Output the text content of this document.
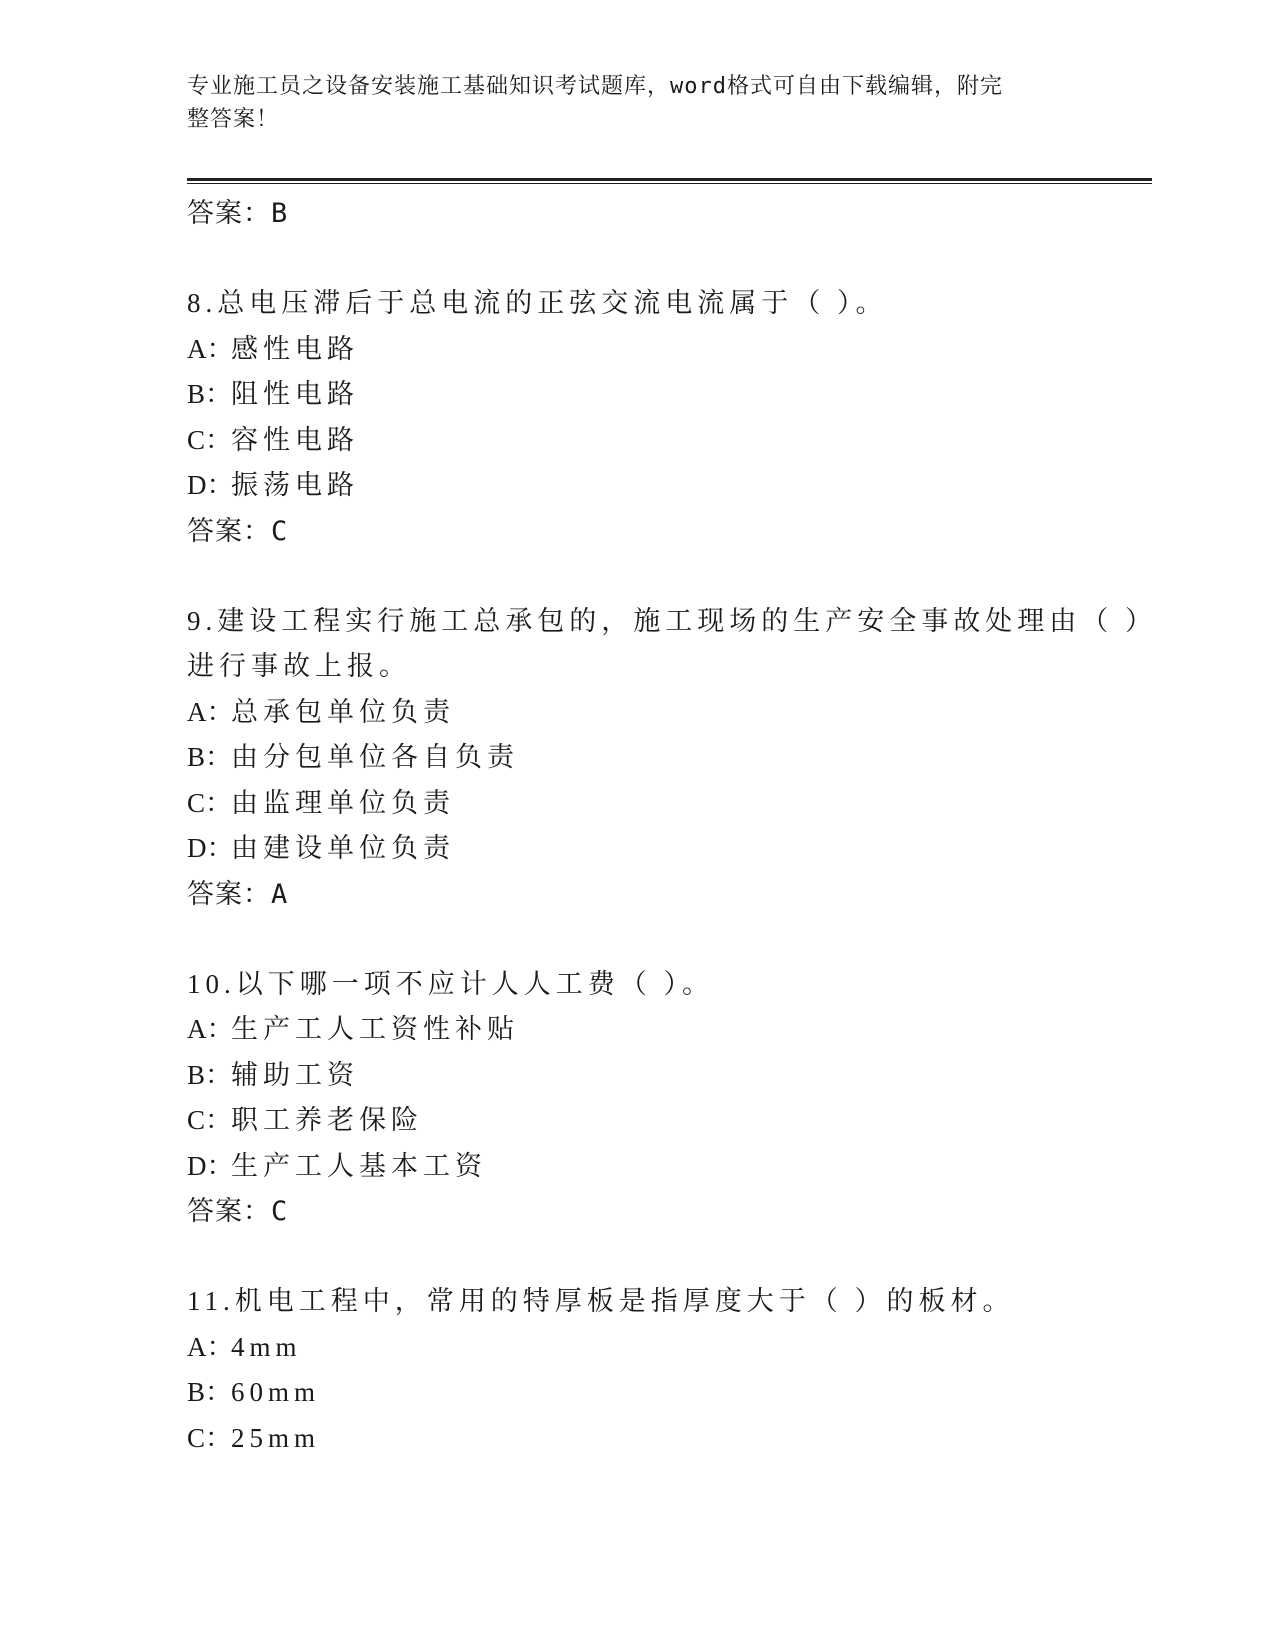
专业施工员之设备安装施工基础知识考试题库，word格式可自由下载编辑，附完
整答案！
答案：B
8.总电压滞后于总电流的正弦交流电流属于（ ）。
A：感性电路
B：阻性电路
C：容性电路
D：振荡电路
答案：C
9.建设工程实行施工总承包的，施工现场的生产安全事故处理由（ ）
进行事故上报。
A：总承包单位负责
B：由分包单位各自负责
C：由监理单位负责
D：由建设单位负责
答案：A
10.以下哪一项不应计人人工费（ ）。
A：生产工人工资性补贴
B：辅助工资
C：职工养老保险
D：生产工人基本工资
答案：C
11.机电工程中，常用的特厚板是指厚度大于（ ）的板材。
A：4mm
B：60mm
C：25mm
